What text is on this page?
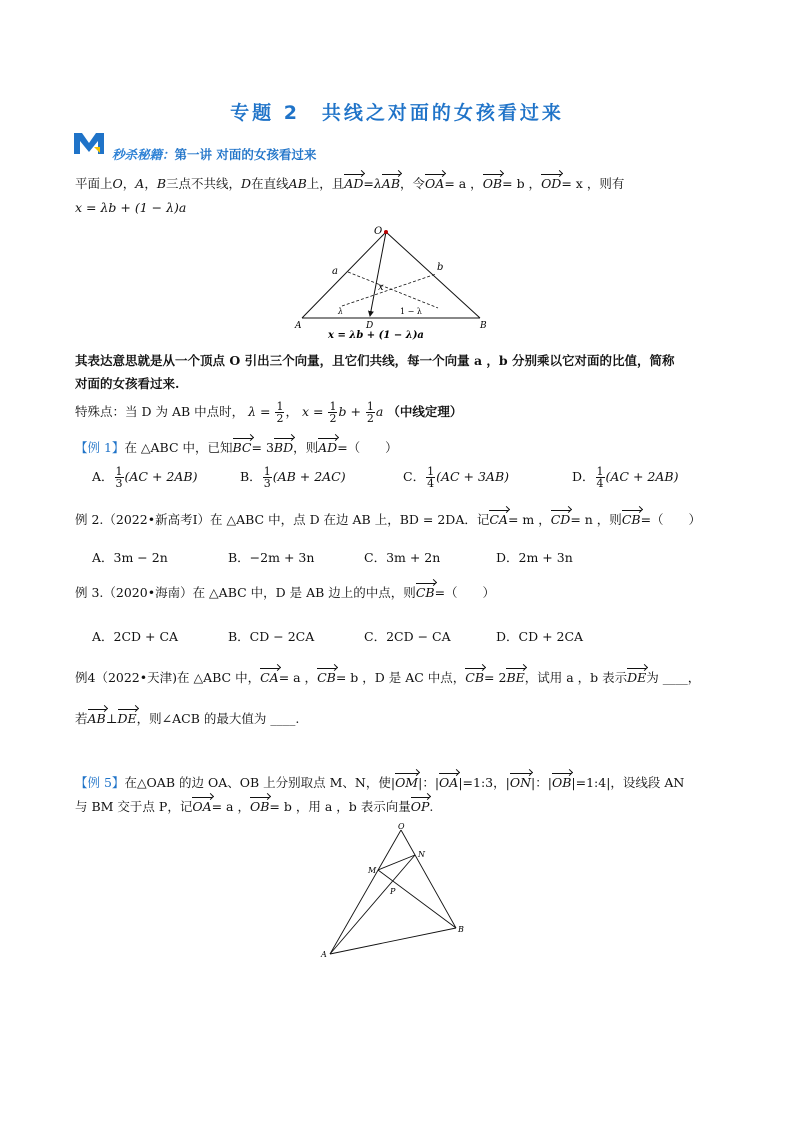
专题 2　共线之对面的女孩看过来
秒杀秘籍：第一讲 对面的女孩看过来
平面上O，A，B三点不共线，D在直线AB上，且AD=λAB，令OA= a ，OB= b ，OD= x ，则有
x = λb + (1 − λ)a
O
A	B
D
a	b
x
λ	1 − λ
x = λb + (1 − λ)a
其表达意思就是从一个顶点 O 引出三个向量，且它们共线，每一个向量 a ，b 分别乘以它对面的比值，简称
对面的女孩看过来.
特殊点：当 D 为 AB 中点时， $\lambda = \frac{1}{2}$ ， $x = \frac{1}{2}$ $b + \frac{1}{2}$ a （中线定理）
【例 1】在 △ABC 中，已知BC= 3BD，则AD=（　　）
A． $\frac{1}{3} (AC + 2AB)$	B． $\frac{1}{3} (AB + 2AC)$	C． $\frac{1}{4} (AC + 3AB)$	D． $\frac{1}{4} (AC + 2AB)$
例 2.（2022•新高考Ⅰ）在 △ABC 中，点 D 在边 AB 上，BD = 2DA．记CA= m ，CD= n ，则CB=（　　）
A．3m − 2n	B．−2m + 3n	C．3m + 2n	D．2m + 3n
例 3.（2020•海南）在 △ABC 中，D 是 AB 边上的中点，则CB=（　　）
A．2CD + CA	B．CD − 2CA	C．2CD − CA	D．CD + 2CA
例4（2022•天津)在 △ABC 中，CA= a ，CB= b ，D 是 AC 中点，CB= 2BE，试用 a ，b 表示DE为 ____，
若AB⊥DE，则∠ACB 的最大值为 ____.
【例 5】在△OAB 的边 OA、OB 上分别取点 M、N，使|OM|：|OA|=1:3，|ON|：|OB|=1:4|，设线段 AN
与 BM 交于点 P，记OA= a ，OB= b ，用 a ，b 表示向量OP.
O
M
N
P
A
B
